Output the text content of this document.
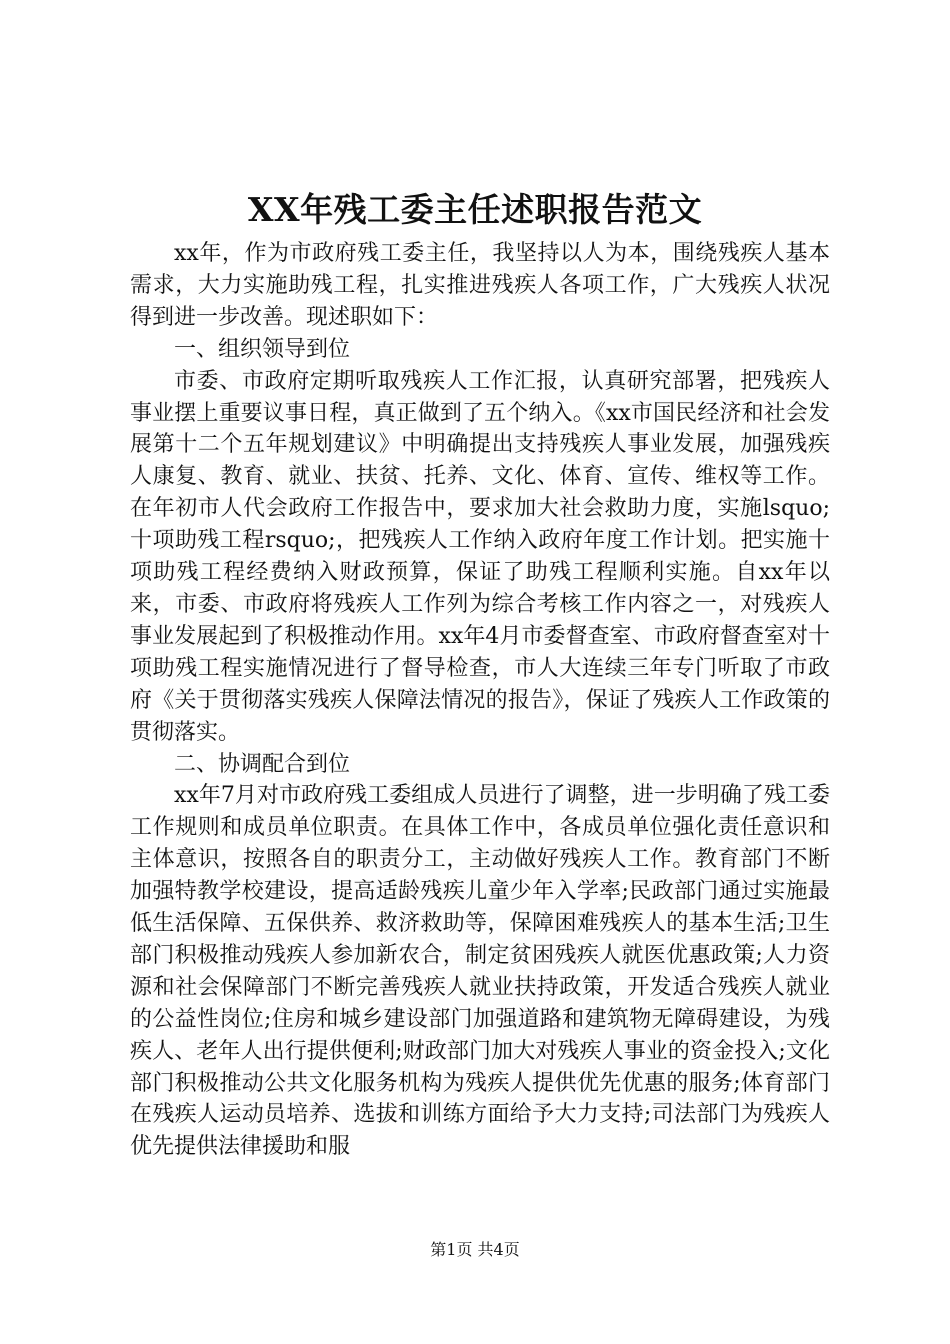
XX年残工委主任述职报告范文

xx年，作为市政府残工委主任，我坚持以人为本，围绕残疾人基本需求，大力实施助残工程，扎实推进残疾人各项工作，广大残疾人状况得到进一步改善。现述职如下：

一、组织领导到位

市委、市政府定期听取残疾人工作汇报，认真研究部署，把残疾人事业摆上重要议事日程，真正做到了五个纳入。《xx市国民经济和社会发展第十二个五年规划建议》中明确提出支持残疾人事业发展，加强残疾人康复、教育、就业、扶贫、托养、文化、体育、宣传、维权等工作。在年初市人代会政府工作报告中，要求加大社会救助力度，实施lsquo;十项助残工程rsquo;，把残疾人工作纳入政府年度工作计划。把实施十项助残工程经费纳入财政预算，保证了助残工程顺利实施。自xx年以来，市委、市政府将残疾人工作列为综合考核工作内容之一，对残疾人事业发展起到了积极推动作用。xx年4月市委督查室、市政府督查室对十项助残工程实施情况进行了督导检查，市人大连续三年专门听取了市政府《关于贯彻落实残疾人保障法情况的报告》，保证了残疾人工作政策的贯彻落实。

二、协调配合到位

xx年7月对市政府残工委组成人员进行了调整，进一步明确了残工委工作规则和成员单位职责。在具体工作中，各成员单位强化责任意识和主体意识，按照各自的职责分工，主动做好残疾人工作。教育部门不断加强特教学校建设，提高适龄残疾儿童少年入学率;民政部门通过实施最低生活保障、五保供养、救济救助等，保障困难残疾人的基本生活;卫生部门积极推动残疾人参加新农合，制定贫困残疾人就医优惠政策;人力资源和社会保障部门不断完善残疾人就业扶持政策，开发适合残疾人就业的公益性岗位;住房和城乡建设部门加强道路和建筑物无障碍建设，为残疾人、老年人出行提供便利;财政部门加大对残疾人事业的资金投入;文化部门积极推动公共文化服务机构为残疾人提供优先优惠的服务;体育部门在残疾人运动员培养、选拔和训练方面给予大力支持;司法部门为残疾人优先提供法律援助和服

第1页 共4页
